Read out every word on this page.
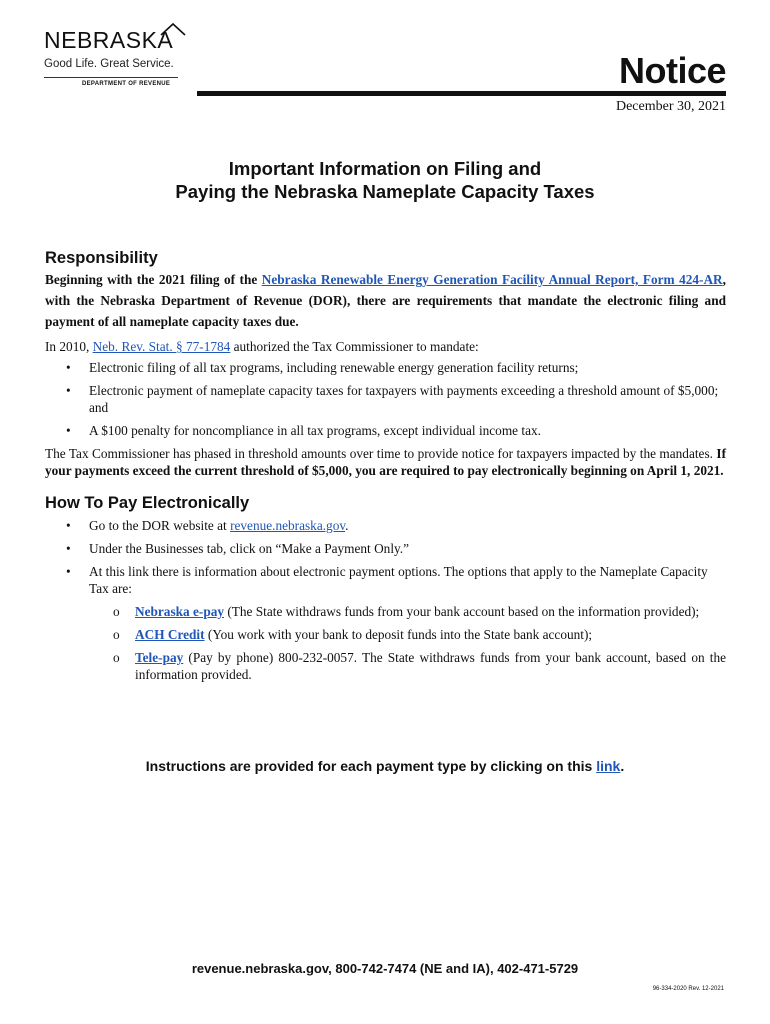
NEBRASKA
Good Life. Great Service.
DEPARTMENT OF REVENUE	Notice
December 30, 2021
Important Information on Filing and
Paying the Nebraska Nameplate Capacity Taxes
Responsibility

Beginning with the 2021 filing of the Nebraska Renewable Energy Generation Facility Annual Report, Form 424-AR, with the Nebraska Department of Revenue (DOR), there are requirements that mandate the electronic filing and payment of all nameplate capacity taxes due.

In 2010, Neb. Rev. Stat. § 77-1784 authorized the Tax Commissioner to mandate:

• Electronic filing of all tax programs, including renewable energy generation facility returns;
• Electronic payment of nameplate capacity taxes for taxpayers with payments exceeding a threshold amount of $5,000; and
• A $100 penalty for noncompliance in all tax programs, except individual income tax.

The Tax Commissioner has phased in threshold amounts over time to provide notice for taxpayers impacted by the mandates. If your payments exceed the current threshold of $5,000, you are required to pay electronically beginning on April 1, 2021.

How To Pay Electronically
• Go to the DOR website at revenue.nebraska.gov.
• Under the Businesses tab, click on “Make a Payment Only.”
• At this link there is information about electronic payment options. The options that apply to the Nameplate Capacity Tax are:
o Nebraska e-pay (The State withdraws funds from your bank account based on the information provided);
o ACH Credit (You work with your bank to deposit funds into the State bank account);
o Tele-pay (Pay by phone) 800-232-0057. The State withdraws funds from your bank account, based on the information provided.
Instructions are provided for each payment type by clicking on this link.
revenue.nebraska.gov, 800-742-7474 (NE and IA), 402-471-5729
96-334-2020 Rev. 12-2021
